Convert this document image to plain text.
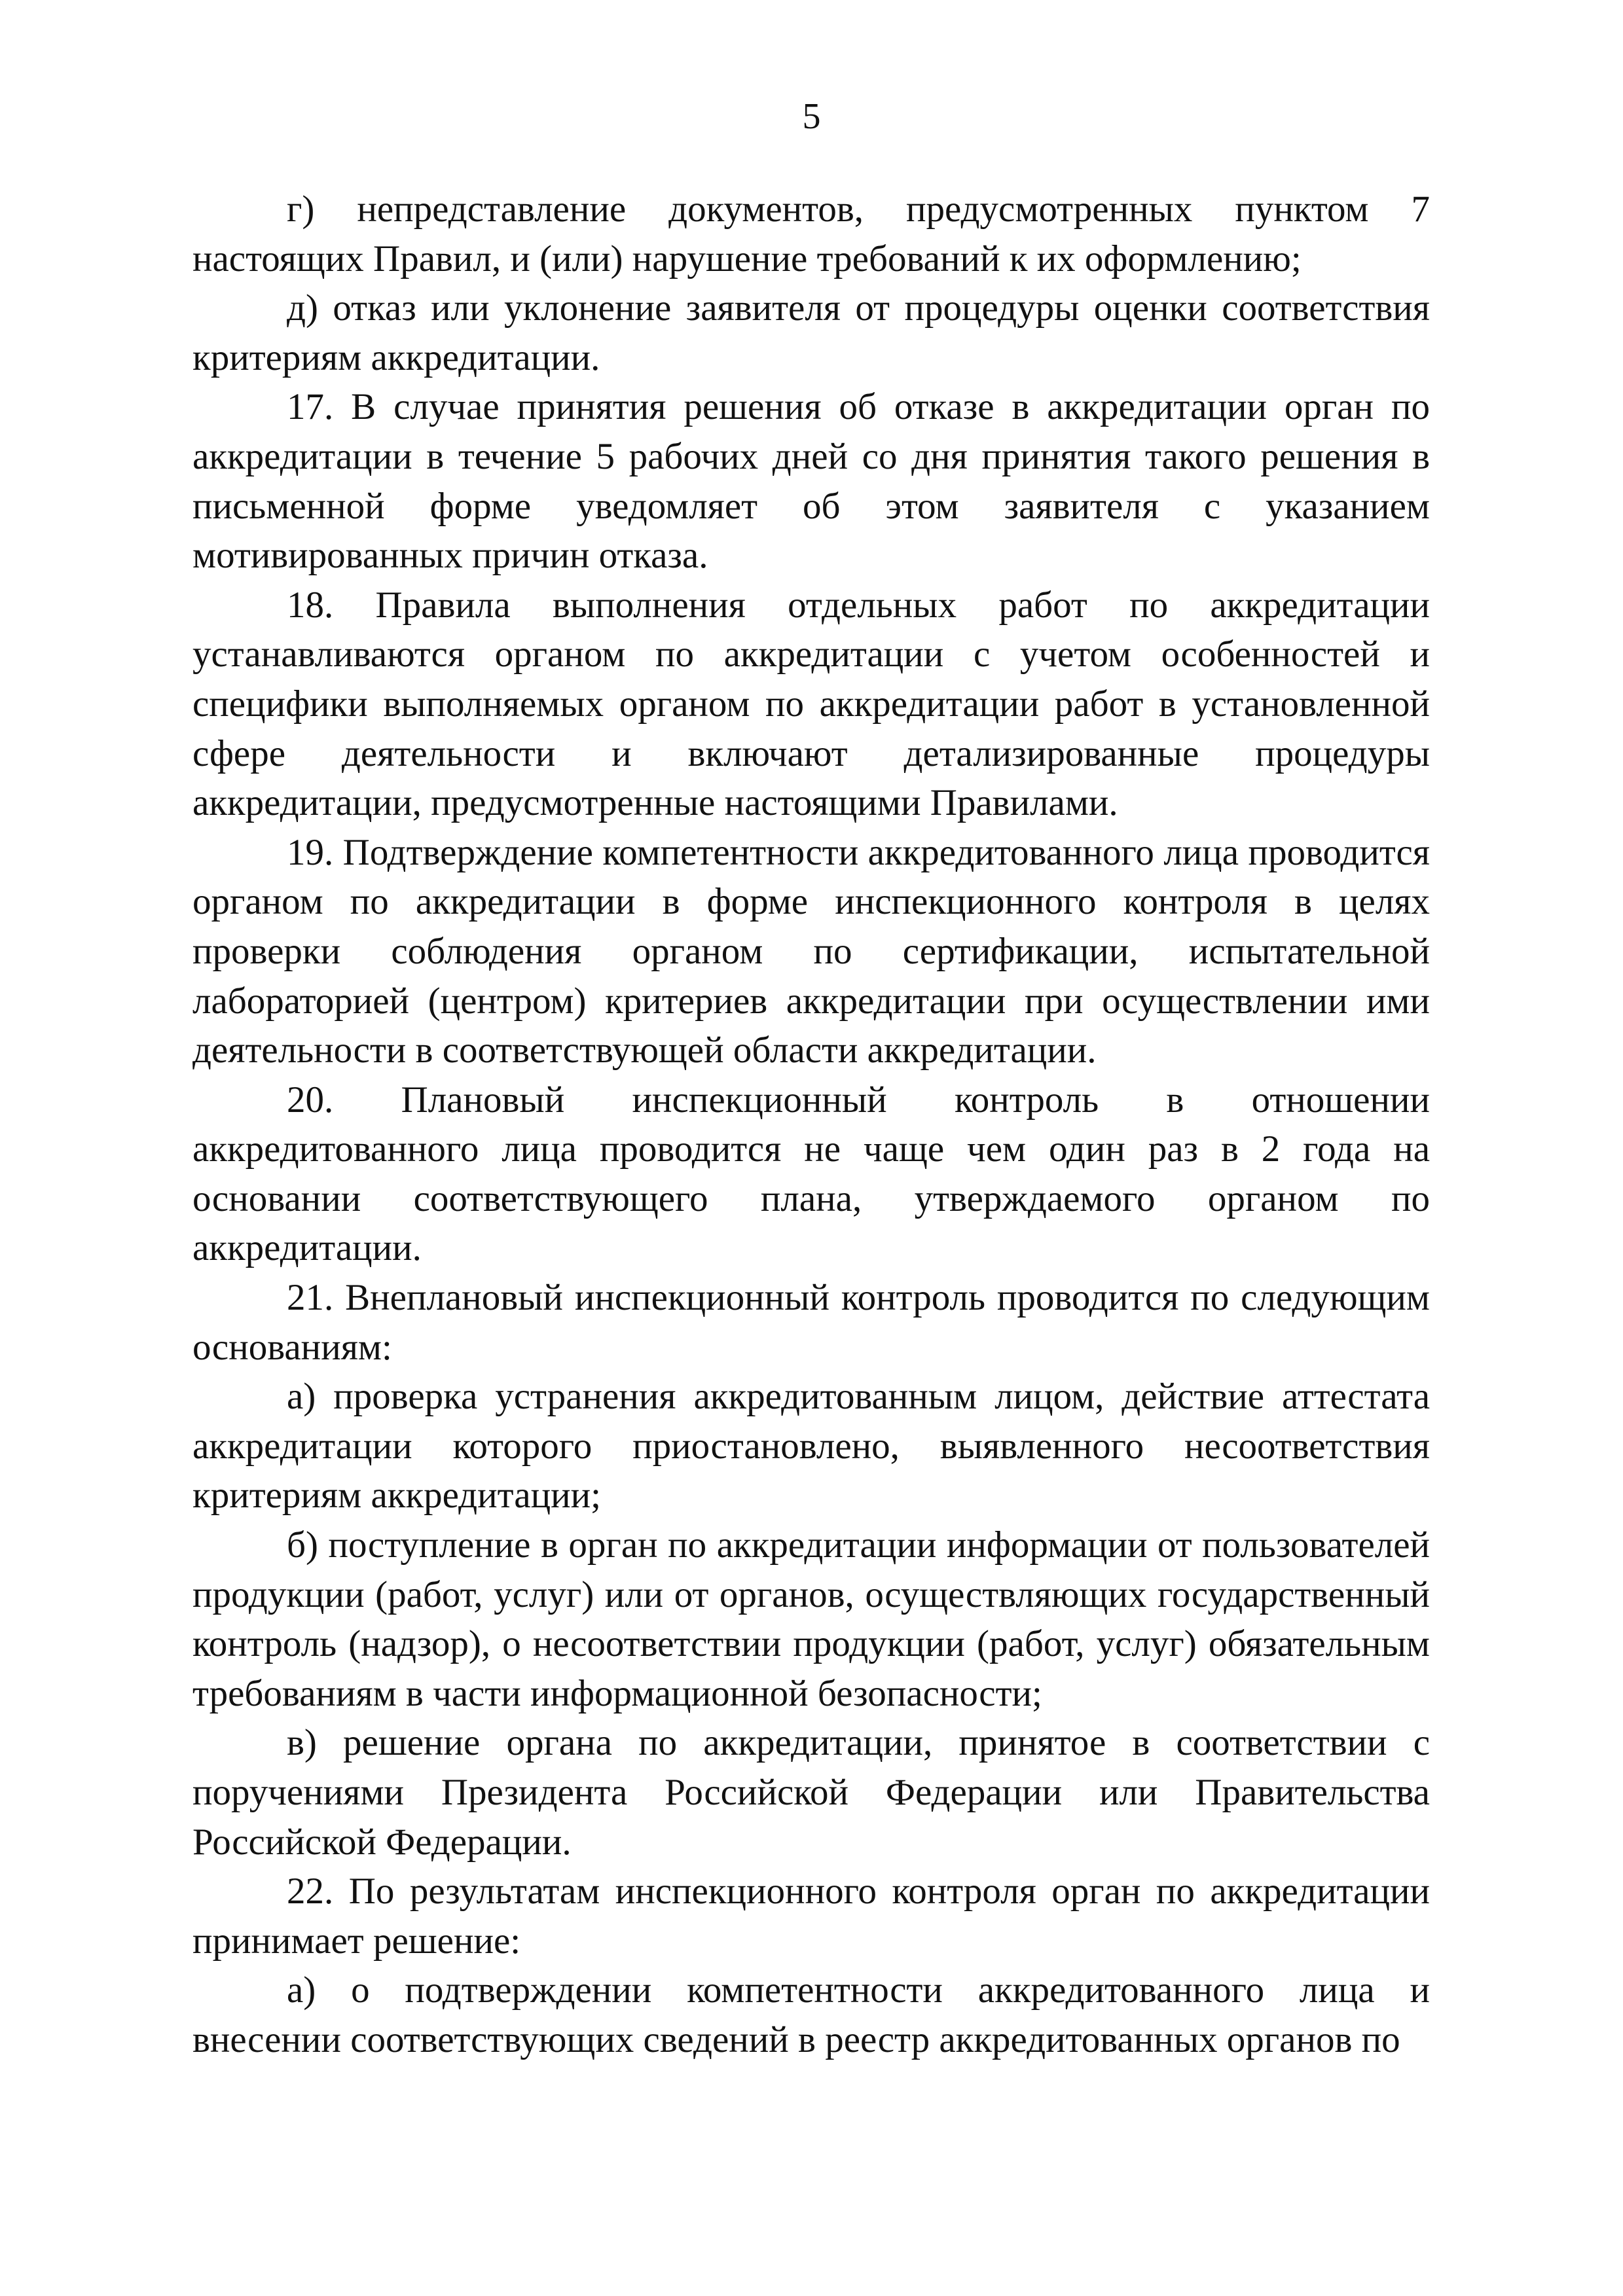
5

г) непредставление документов, предусмотренных пунктом 7 настоящих Правил, и (или) нарушение требований к их оформлению;

д) отказ или уклонение заявителя от процедуры оценки соответствия критериям аккредитации.

17. В случае принятия решения об отказе в аккредитации орган по аккредитации в течение 5 рабочих дней со дня принятия такого решения в письменной форме уведомляет об этом заявителя с указанием мотивированных причин отказа.

18. Правила выполнения отдельных работ по аккредитации устанавливаются органом по аккредитации с учетом особенностей и специфики выполняемых органом по аккредитации работ в установленной сфере деятельности и включают детализированные процедуры аккредитации, предусмотренные настоящими Правилами.

19. Подтверждение компетентности аккредитованного лица проводится органом по аккредитации в форме инспекционного контроля в целях проверки соблюдения органом по сертификации, испытательной лабораторией (центром) критериев аккредитации при осуществлении ими деятельности в соответствующей области аккредитации.

20. Плановый инспекционный контроль в отношении аккредитованного лица проводится не чаще чем один раз в 2 года на основании соответствующего плана, утверждаемого органом по аккредитации.

21. Внеплановый инспекционный контроль проводится по следующим основаниям:

а) проверка устранения аккредитованным лицом, действие аттестата аккредитации которого приостановлено, выявленного несоответствия критериям аккредитации;

б) поступление в орган по аккредитации информации от пользователей продукции (работ, услуг) или от органов, осуществляющих государственный контроль (надзор), о несоответствии продукции (работ, услуг) обязательным требованиям в части информационной безопасности;

в) решение органа по аккредитации, принятое в соответствии с поручениями Президента Российской Федерации или Правительства Российской Федерации.

22. По результатам инспекционного контроля орган по аккредитации принимает решение:

а) о подтверждении компетентности аккредитованного лица и внесении соответствующих сведений в реестр аккредитованных органов по
